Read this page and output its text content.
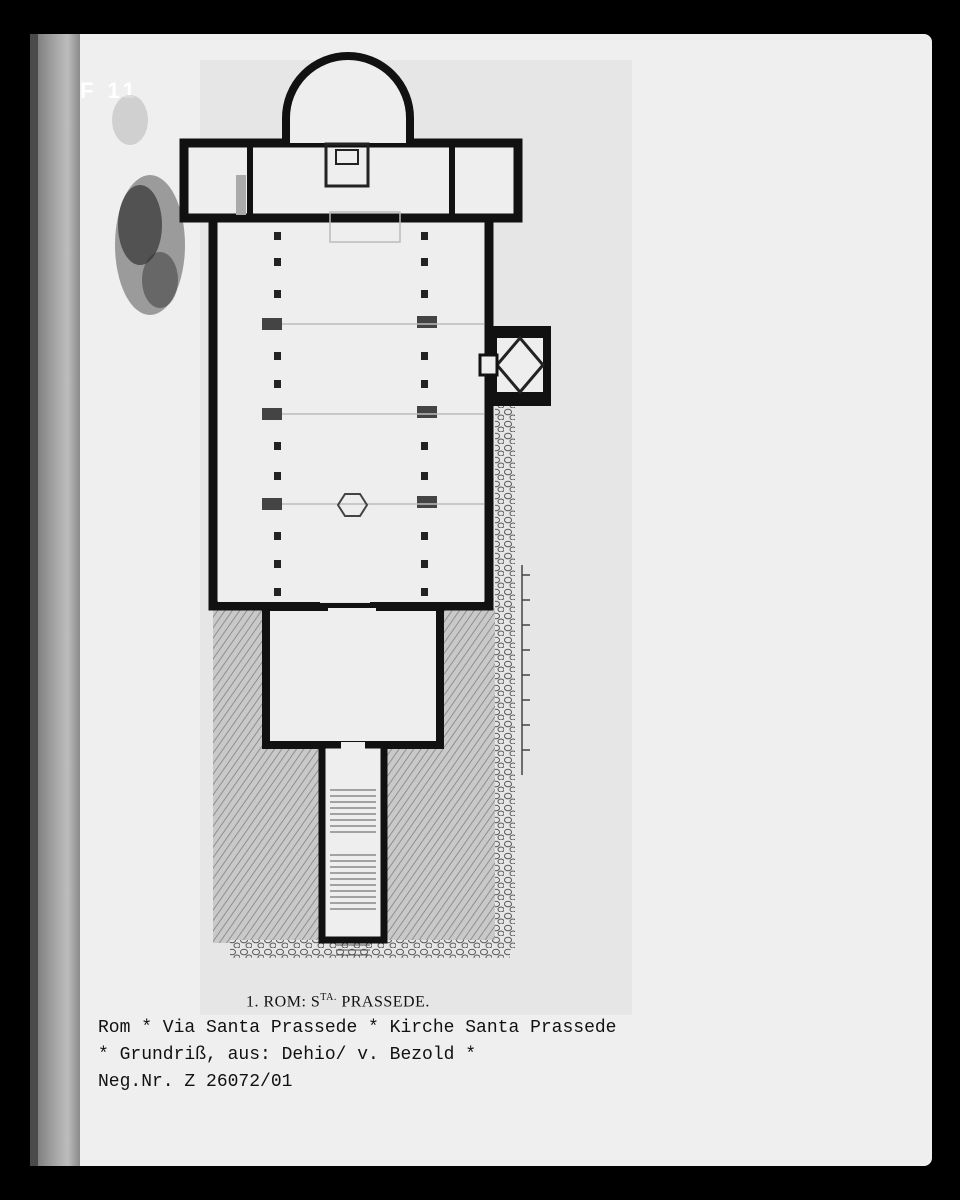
F 11
1. ROM: $S^{TA.}$ PRASSEDE.
Rom * Via Santa Prassede * Kirche Santa Prassede
* Grundriß, aus: Dehio/ v. Bezold *
Neg.Nr. Z 26072/01
